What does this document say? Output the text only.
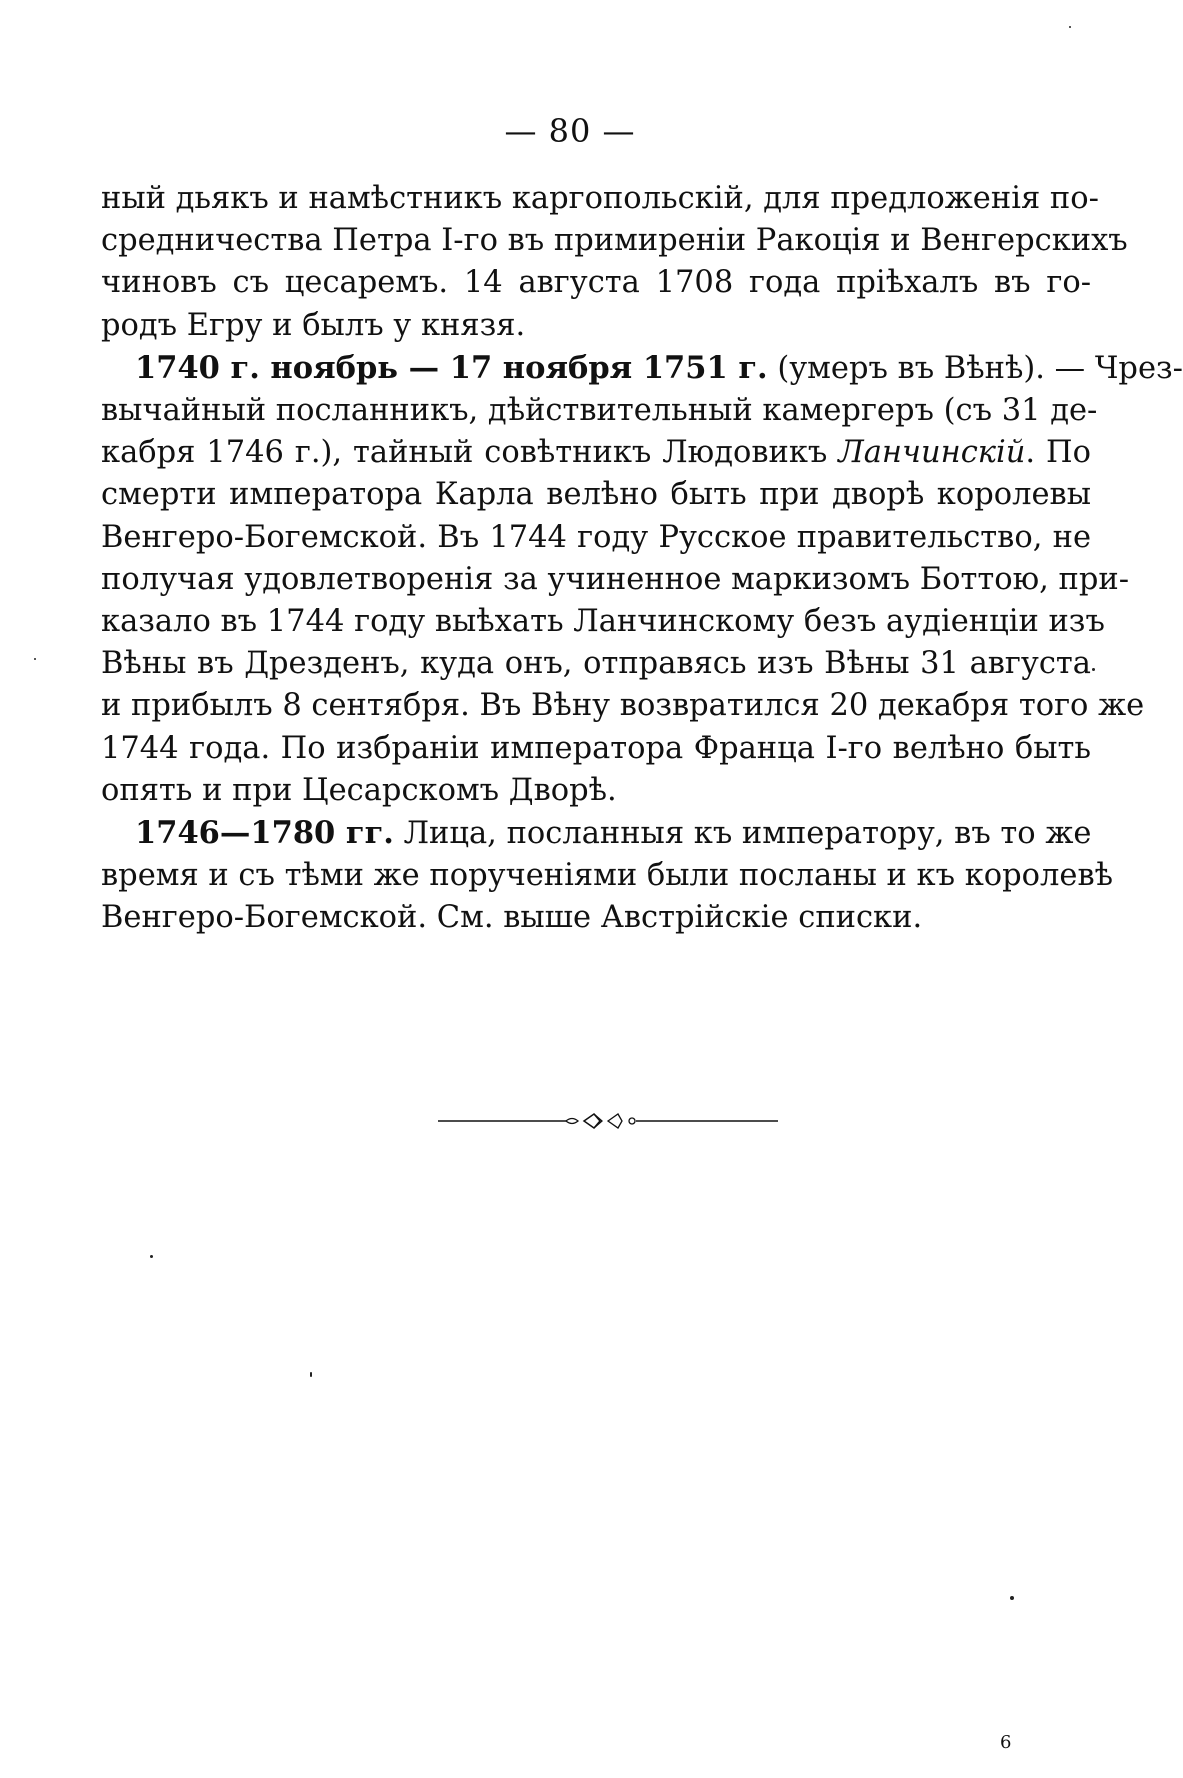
— 80 —
ный дьякъ и намѣстникъ каргопольскій, для предложенія по-
средничества Петра I-го въ примиреніи Ракоція и Венгерскихъ
чиновъ съ цесаремъ. 14 августа 1708 года пріѣхалъ въ го-
родъ Егру и былъ у князя.
1740 г. ноябрь — 17 ноября 1751 г. (умеръ въ Вѣнѣ). — Чрез-
вычайный посланникъ, дѣйствительный камергеръ (съ 31 де-
кабря 1746 г.), тайный совѣтникъ Людовикъ Ланчинскій. По
смерти императора Карла велѣно быть при дворѣ королевы
Венгеро-Богемской. Въ 1744 году Русское правительство, не
получая удовлетворенія за учиненное маркизомъ Боттою, при-
казало въ 1744 году выѣхать Ланчинскому безъ аудіенціи изъ
Вѣны въ Дрезденъ, куда онъ, отправясь изъ Вѣны 31 августа
и прибылъ 8 сентября. Въ Вѣну возвратился 20 декабря того же
1744 года. По избраніи императора Франца I-го велѣно быть
опять и при Цесарскомъ Дворѣ.
1746—1780 гг. Лица, посланныя къ императору, въ то же
время и съ тѣми же порученіями были посланы и къ королевѣ
Венгеро-Богемской. См. выше Австрійскіе списки.
6
